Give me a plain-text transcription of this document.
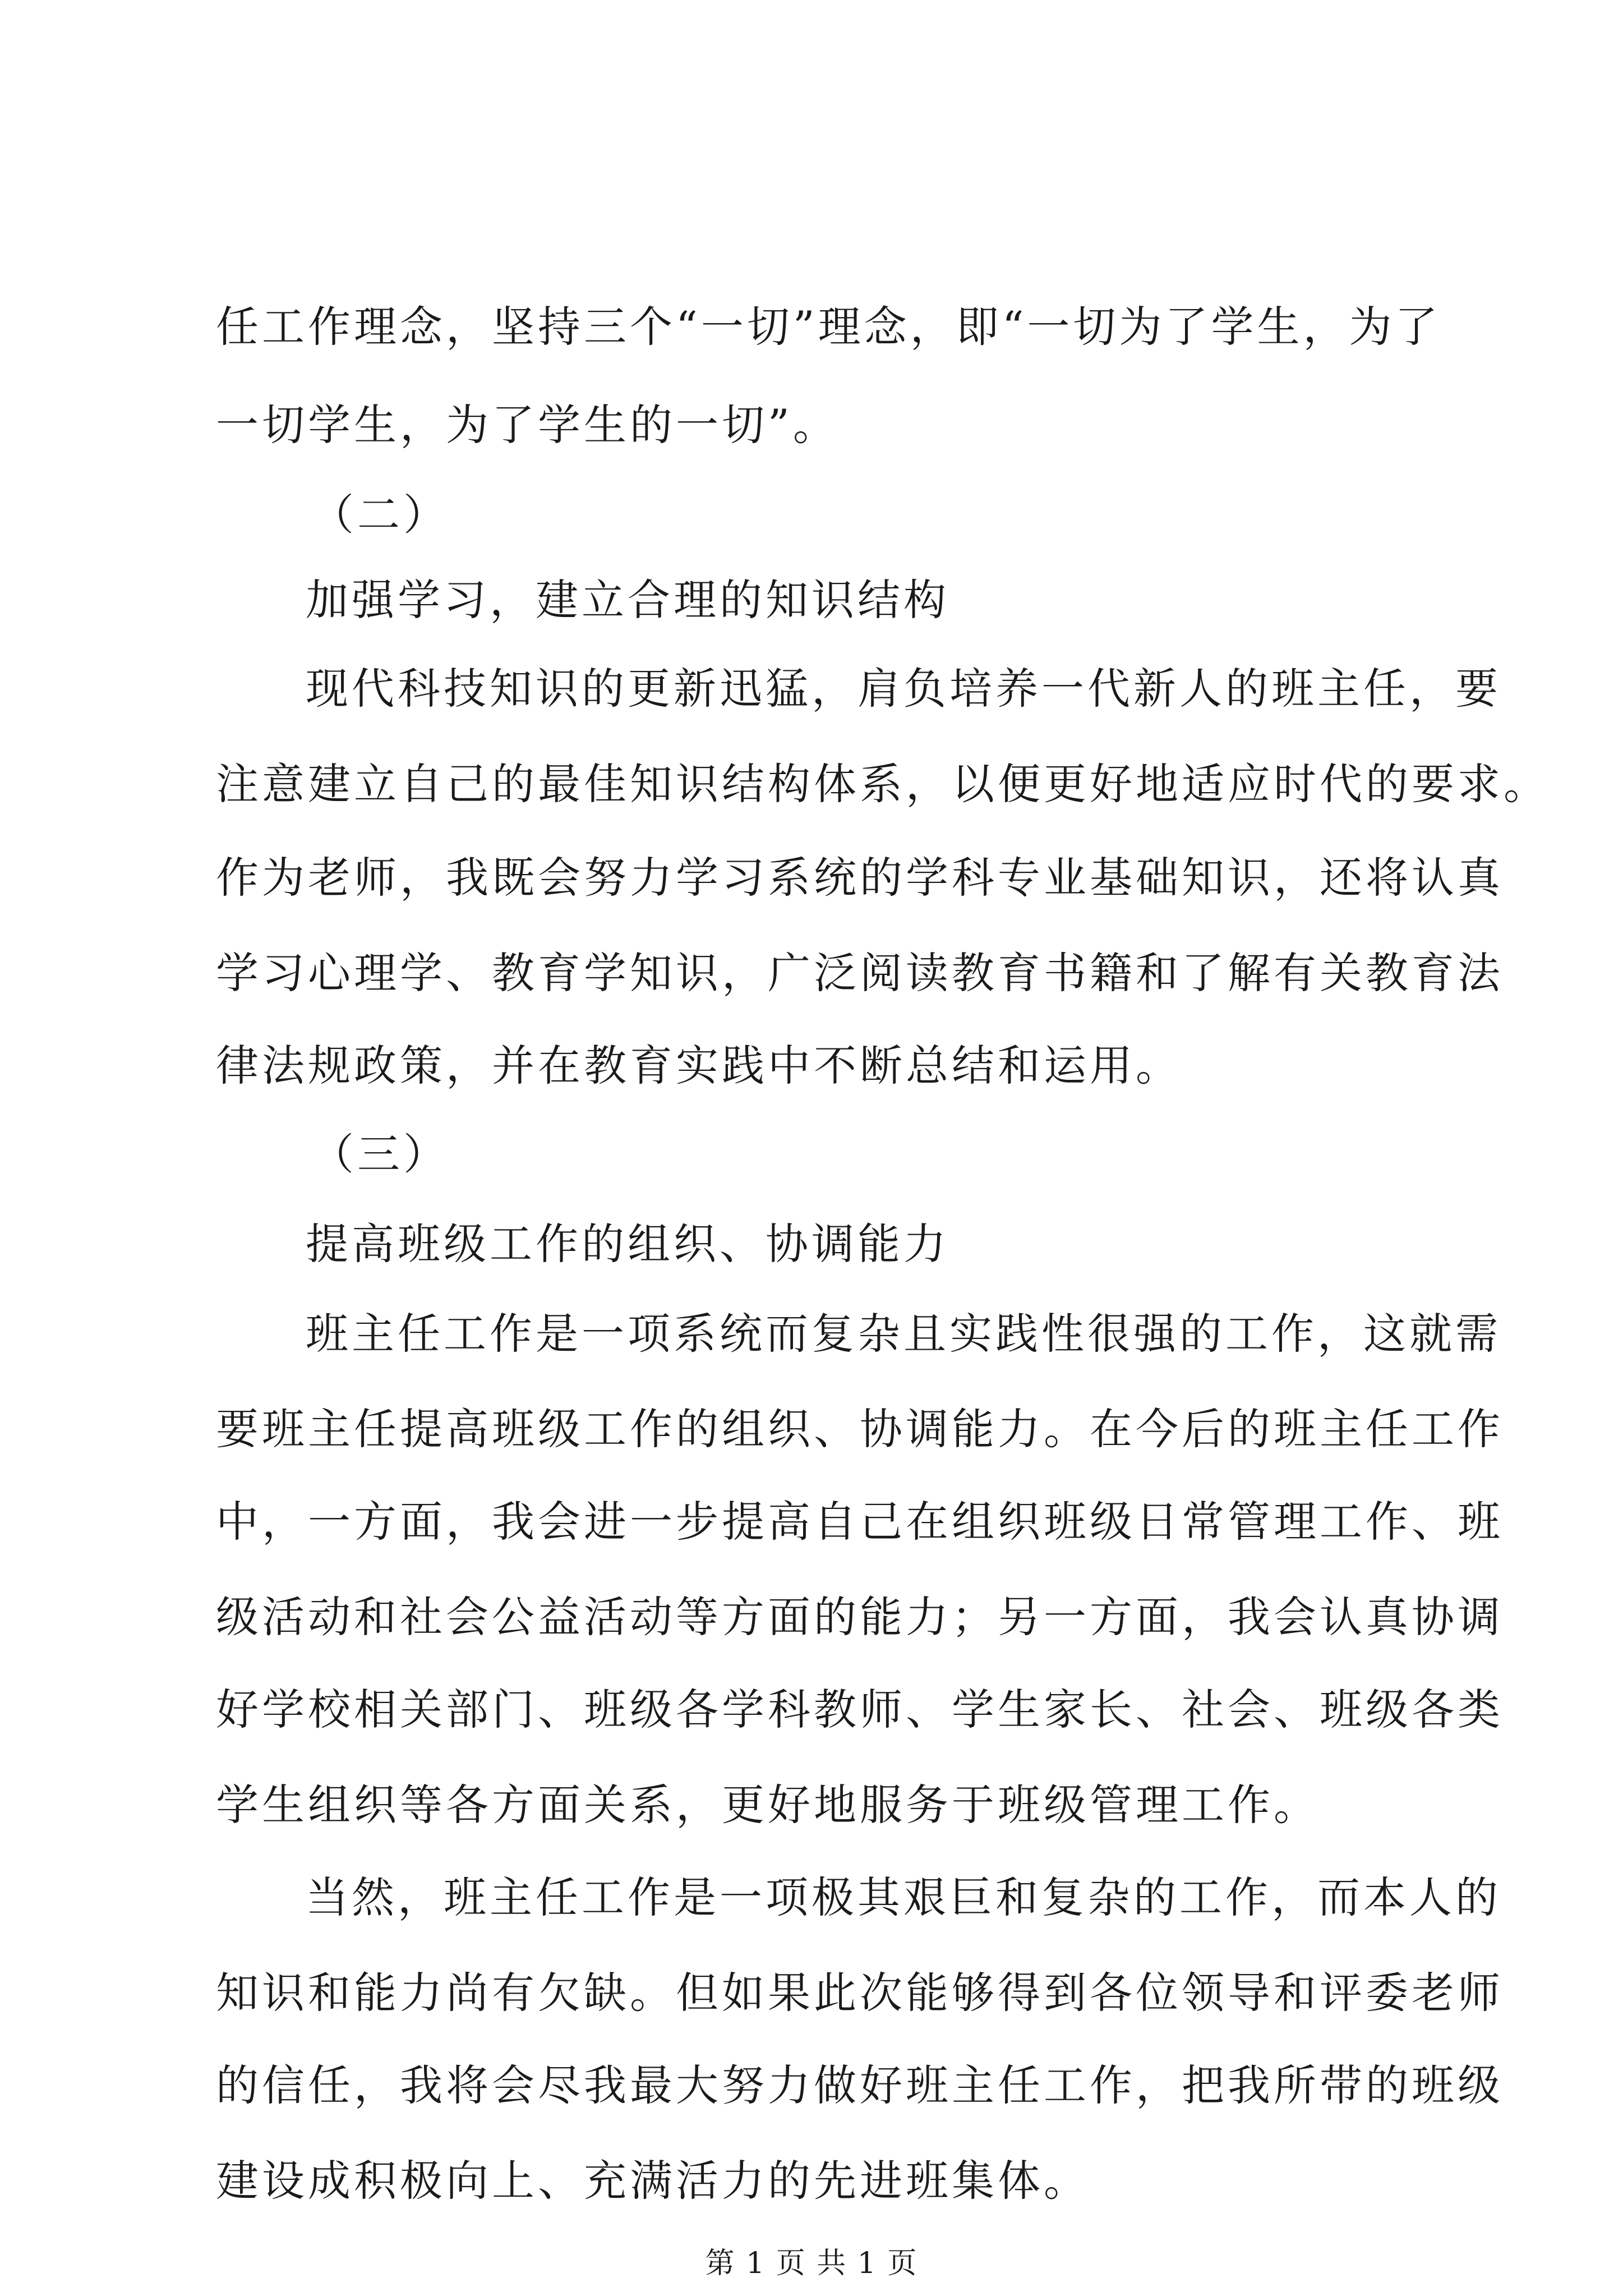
任工作理念，坚持三个“一切”理念，即“一切为了学生，为了
一切学生，为了学生的一切”。
（二）
加强学习，建立合理的知识结构
现代科技知识的更新迅猛，肩负培养一代新人的班主任，要
注意建立自己的最佳知识结构体系，以便更好地适应时代的要求。
作为老师，我既会努力学习系统的学科专业基础知识，还将认真
学习心理学、教育学知识，广泛阅读教育书籍和了解有关教育法
律法规政策，并在教育实践中不断总结和运用。
（三）
提高班级工作的组织、协调能力
班主任工作是一项系统而复杂且实践性很强的工作，这就需
要班主任提高班级工作的组织、协调能力。在今后的班主任工作
中，一方面，我会进一步提高自己在组织班级日常管理工作、班
级活动和社会公益活动等方面的能力；另一方面，我会认真协调
好学校相关部门、班级各学科教师、学生家长、社会、班级各类
学生组织等各方面关系，更好地服务于班级管理工作。
当然，班主任工作是一项极其艰巨和复杂的工作，而本人的
知识和能力尚有欠缺。但如果此次能够得到各位领导和评委老师
的信任，我将会尽我最大努力做好班主任工作，把我所带的班级
建设成积极向上、充满活力的先进班集体。
第 1 页 共 1 页
